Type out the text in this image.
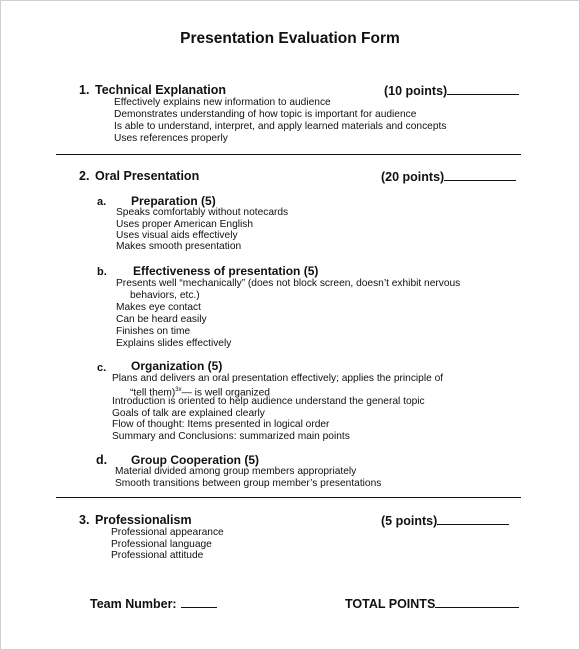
Presentation Evaluation Form
1. Technical Explanation	(10 points)
Effectively explains new information to audience
Demonstrates understanding of how topic is important for audience
Is able to understand, interpret, and apply learned materials and concepts
Uses references properly
2. Oral Presentation	(20 points)
a. Preparation (5)
Speaks comfortably without notecards
Uses proper American English
Uses visual aids effectively
Makes smooth presentation
b. Effectiveness of presentation (5)
Presents well “mechanically” (does not block screen, doesn’t exhibit nervous
behaviors, etc.)
Makes eye contact
Can be heard easily
Finishes on time
Explains slides effectively
c. Organization (5)
Plans and delivers an oral presentation effectively; applies the principle of
“tell them)$^{3x}$— is well organized
Introduction is oriented to help audience understand the general topic
Goals of talk are explained clearly
Flow of thought: Items presented in logical order
Summary and Conclusions: summarized main points
d. Group Cooperation (5)
Material divided among group members appropriately
Smooth transitions between group member’s presentations
3. Professionalism	(5 points)
Professional appearance
Professional language
Professional attitude
Team Number:	TOTAL POINTS
